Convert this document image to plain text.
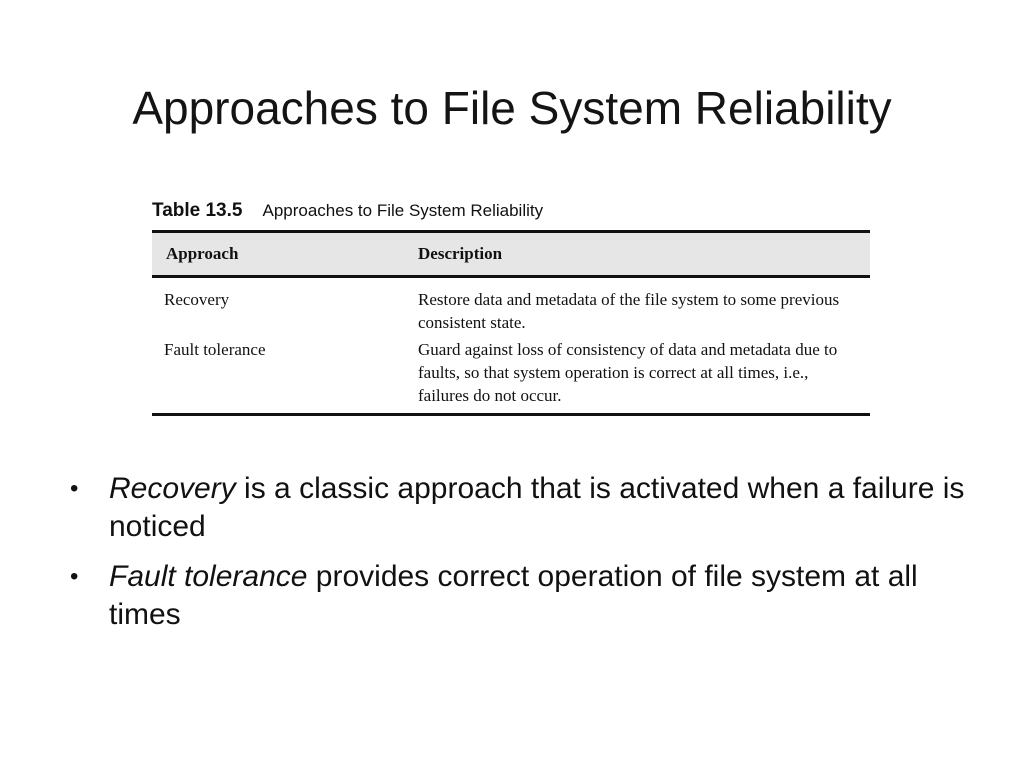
Approaches to File System Reliability
Table 13.5 Approaches to File System Reliability
Approach	Description
Recovery	Restore data and metadata of the file system to some previous consistent state.
Fault tolerance	Guard against loss of consistency of data and metadata due to faults, so that system operation is correct at all times, i.e., failures do not occur.
• Recovery is a classic approach that is activated when a failure is noticed
• Fault tolerance provides correct operation of file system at all times
